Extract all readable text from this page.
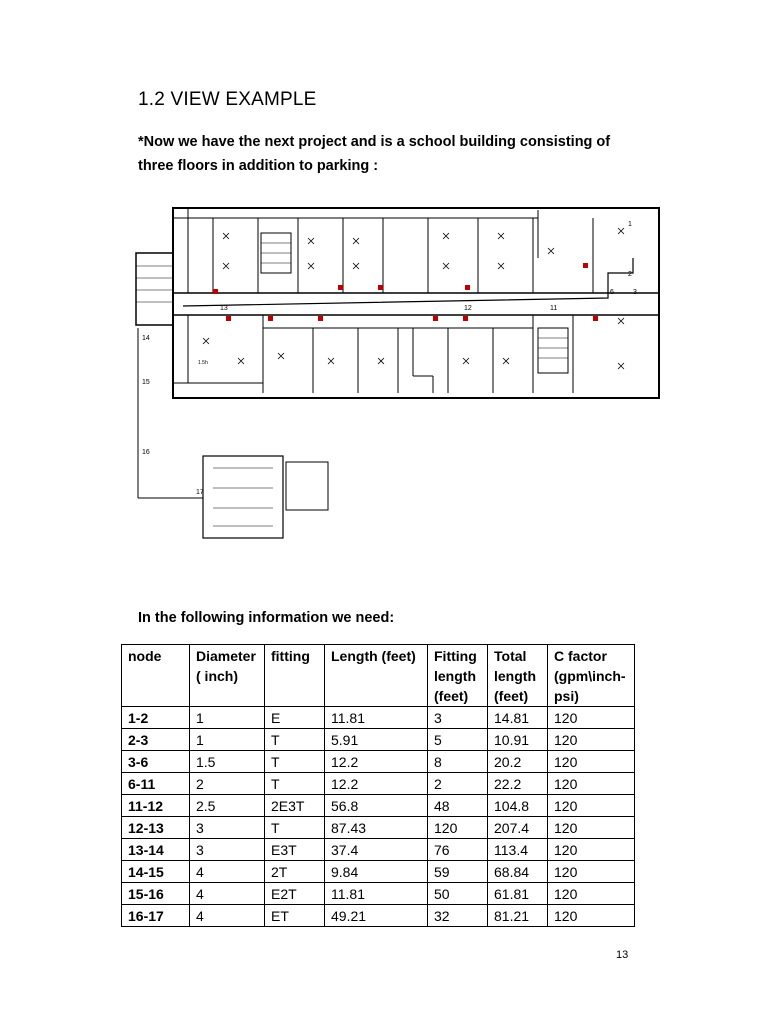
1.2 VIEW EXAMPLE
*Now we have the next project and is a school building consisting of three floors in addition to parking :
14
15
16
17
1
2
3
6
11
12
13
1.5h
In the following information we need:
node	Diameter ( inch)	fitting	Length (feet)	Fitting length (feet)	Total length (feet)	C factor (gpm\inch-psi)
1-2	1	E	11.81	3	14.81	120
2-3	1	T	5.91	5	10.91	120
3-6	1.5	T	12.2	8	20.2	120
6-11	2	T	12.2	2	22.2	120
11-12	2.5	2E3T	56.8	48	104.8	120
12-13	3	T	87.43	120	207.4	120
13-14	3	E3T	37.4	76	113.4	120
14-15	4	2T	9.84	59	68.84	120
15-16	4	E2T	11.81	50	61.81	120
16-17	4	ET	49.21	32	81.21	120
13
